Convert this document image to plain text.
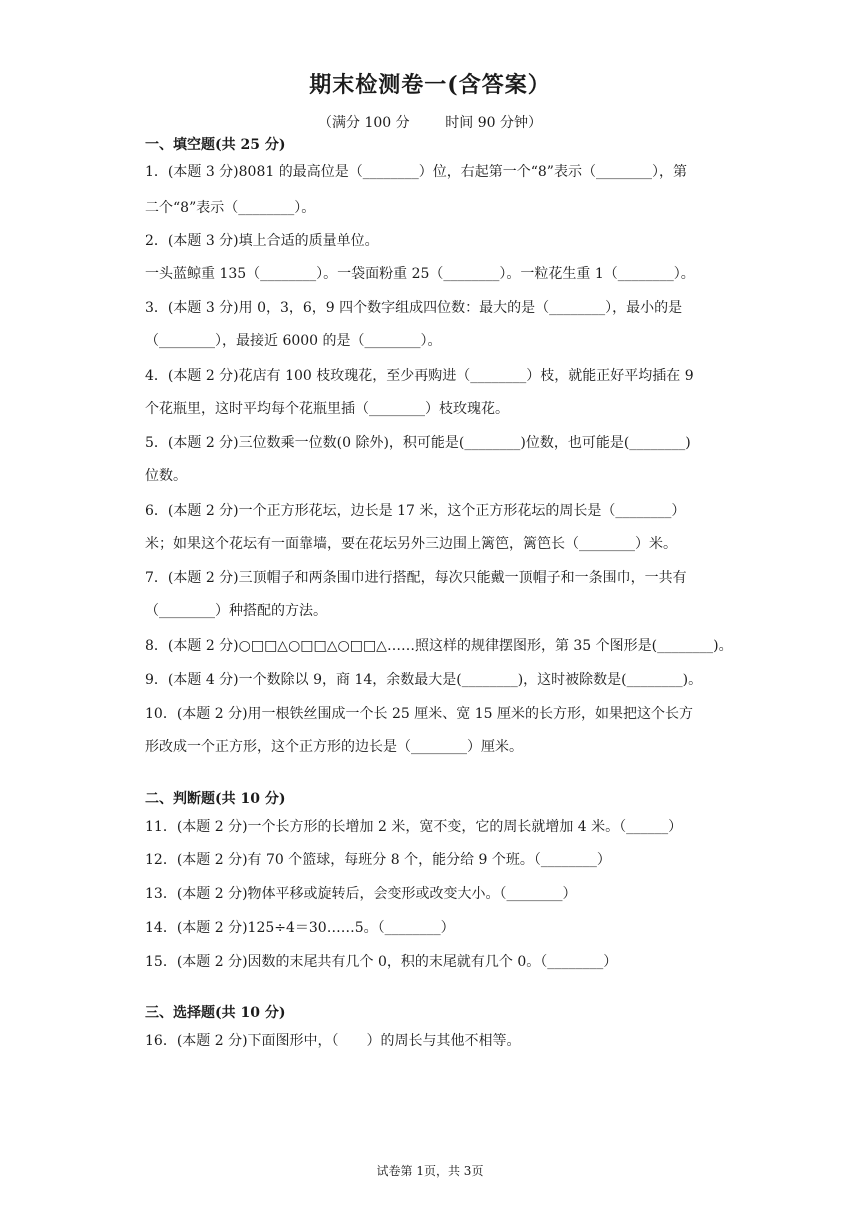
期末检测卷一(含答案）
（满分 100 分        时间 90 分钟）
一、填空题(共 25 分)
1．(本题 3 分)8081 的最高位是（________）位，右起第一个“8”表示（________），第
二个“8”表示（________）。
2．(本题 3 分)填上合适的质量单位。
一头蓝鲸重 135（________）。一袋面粉重 25（________）。一粒花生重 1（________）。
3．(本题 3 分)用 0，3，6，9 四个数字组成四位数：最大的是（________），最小的是
（________），最接近 6000 的是（________）。
4．(本题 2 分)花店有 100 枝玫瑰花，至少再购进（________）枝，就能正好平均插在 9
个花瓶里，这时平均每个花瓶里插（________）枝玫瑰花。
5．(本题 2 分)三位数乘一位数(0 除外)，积可能是(________)位数，也可能是(________)
位数。
6．(本题 2 分)一个正方形花坛，边长是 17 米，这个正方形花坛的周长是（________）
米；如果这个花坛有一面靠墙，要在花坛另外三边围上篱笆，篱笆长（________）米。
7．(本题 2 分)三顶帽子和两条围巾进行搭配，每次只能戴一顶帽子和一条围巾，一共有
（________）种搭配的方法。
8．(本题 2 分)○□□△○□□△○□□△……照这样的规律摆图形，第 35 个图形是(________)。
9．(本题 4 分)一个数除以 9，商 14，余数最大是(________)，这时被除数是(________)。
10．(本题 2 分)用一根铁丝围成一个长 25 厘米、宽 15 厘米的长方形，如果把这个长方
形改成一个正方形，这个正方形的边长是（________）厘米。
二、判断题(共 10 分)
11．(本题 2 分)一个长方形的长增加 2 米，宽不变，它的周长就增加 4 米。（______）
12．(本题 2 分)有 70 个篮球，每班分 8 个，能分给 9 个班。（________）
13．(本题 2 分)物体平移或旋转后，会变形或改变大小。（________）
14．(本题 2 分)125÷4＝30……5。（________）
15．(本题 2 分)因数的末尾共有几个 0，积的末尾就有几个 0。（________）
三、选择题(共 10 分)
16．(本题 2 分)下面图形中，（　　）的周长与其他不相等。
试卷第 1页，共 3页
